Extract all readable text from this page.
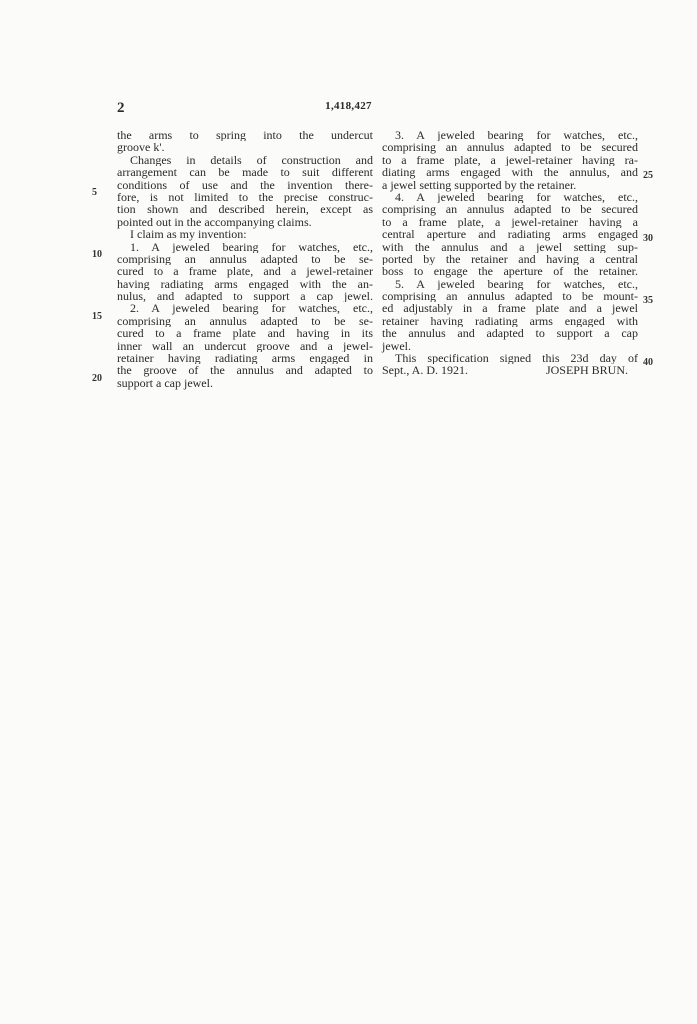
2	1,418,427
the arms to spring into the undercut
groove k'.
Changes in details of construction and
arrangement can be made to suit different
conditions of use and the invention there-
fore, is not limited to the precise construc-
tion shown and described herein, except as
pointed out in the accompanying claims.
I claim as my invention:
1. A jeweled bearing for watches, etc.,
comprising an annulus adapted to be se-
cured to a frame plate, and a jewel-retainer
having radiating arms engaged with the an-
nulus, and adapted to support a cap jewel.
2. A jeweled bearing for watches, etc.,
comprising an annulus adapted to be se-
cured to a frame plate and having in its
inner wall an undercut groove and a jewel-
retainer having radiating arms engaged in
the groove of the annulus and adapted to
support a cap jewel.
3. A jeweled bearing for watches, etc.,
comprising an annulus adapted to be secured
to a frame plate, a jewel-retainer having ra-
diating arms engaged with the annulus, and
a jewel setting supported by the retainer.
4. A jeweled bearing for watches, etc.,
comprising an annulus adapted to be secured
to a frame plate, a jewel-retainer having a
central aperture and radiating arms engaged
with the annulus and a jewel setting sup-
ported by the retainer and having a central
boss to engage the aperture of the retainer.
5. A jeweled bearing for watches, etc.,
comprising an annulus adapted to be mount-
ed adjustably in a frame plate and a jewel
retainer having radiating arms engaged with
the annulus and adapted to support a cap
jewel.
This specification signed this 23d day of
Sept., A. D. 1921.	JOSEPH BRUN.
5
10
15
20
25
30
35
40
